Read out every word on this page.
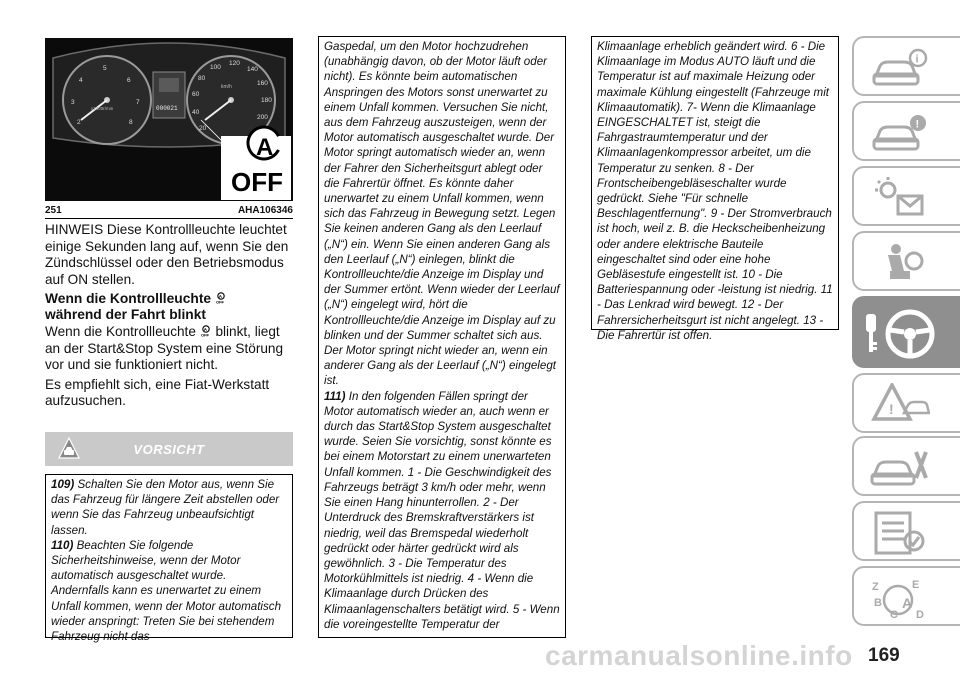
2
3
4
5
6
7
8
x1000r/min
20
40
60
80
100
120
140
160
180
200
km/h
000021
A
OFF
251	AHA106346

HINWEIS Diese Kontrollleuchte leuchtet einige Sekunden lang auf, wenn Sie den Zündschlüssel oder den Betriebsmodus auf ON stellen.

Wenn die Kontrollleuchte A
OFF

während der Fahrt blinkt

Wenn die Kontrollleuchte A
OFF blinkt, liegt an der Start&Stop System eine Störung vor und sie funktioniert nicht.

Es empfiehlt sich, eine Fiat-Werkstatt aufzusuchen.

VORSICHT

109) Schalten Sie den Motor aus, wenn Sie das Fahrzeug für längere Zeit abstellen oder wenn Sie das Fahrzeug unbeaufsichtigt lassen.

110) Beachten Sie folgende Sicherheitshinweise, wenn der Motor automatisch ausgeschaltet wurde. Andernfalls kann es unerwartet zu einem Unfall kommen, wenn der Motor automatisch wieder anspringt: Treten Sie bei stehendem Fahrzeug nicht das

Gaspedal, um den Motor hochzudrehen (unabhängig davon, ob der Motor läuft oder nicht). Es könnte beim automatischen Anspringen des Motors sonst unerwartet zu einem Unfall kommen. Versuchen Sie nicht, aus dem Fahrzeug auszusteigen, wenn der Motor automatisch ausgeschaltet wurde. Der Motor springt automatisch wieder an, wenn der Fahrer den Sicherheitsgurt ablegt oder die Fahrertür öffnet. Es könnte daher unerwartet zu einem Unfall kommen, wenn sich das Fahrzeug in Bewegung setzt. Legen Sie keinen anderen Gang als den Leerlauf („N“) ein. Wenn Sie einen anderen Gang als den Leerlauf („N“) einlegen, blinkt die Kontrollleuchte/die Anzeige im Display und der Summer ertönt. Wenn wieder der Leerlauf („N“) eingelegt wird, hört die Kontrollleuchte/die Anzeige im Display auf zu blinken und der Summer schaltet sich aus. Der Motor springt nicht wieder an, wenn ein anderer Gang als der Leerlauf („N“) eingelegt ist.

111) In den folgenden Fällen springt der Motor automatisch wieder an, auch wenn er durch das Start&Stop System ausgeschaltet wurde. Seien Sie vorsichtig, sonst könnte es bei einem Motorstart zu einem unerwarteten Unfall kommen. 1 - Die Geschwindigkeit des Fahrzeugs beträgt 3 km/h oder mehr, wenn Sie einen Hang hinunterrollen. 2 - Der Unterdruck des Bremskraftverstärkers ist niedrig, weil das Bremspedal wiederholt gedrückt oder härter gedrückt wird als gewöhnlich. 3 - Die Temperatur des Motorkühlmittels ist niedrig. 4 - Wenn die Klimaanlage durch Drücken des Klimaanlagenschalters betätigt wird. 5 - Wenn die voreingestellte Temperatur der

Klimaanlage erheblich geändert wird. 6 - Die Klimaanlage im Modus AUTO läuft und die Temperatur ist auf maximale Heizung oder maximale Kühlung eingestellt (Fahrzeuge mit Klimaautomatik). 7- Wenn die Klimaanlage EINGESCHALTET ist, steigt die Fahrgastraumtemperatur und der Klimaanlagenkompressor arbeitet, um die Temperatur zu senken. 8 - Der Frontscheibengebläseschalter wurde gedrückt. Siehe "Für schnelle Beschlagentfernung". 9 - Der Stromverbrauch ist hoch, weil z. B. die Heckscheibenheizung oder andere elektrische Bauteile eingeschaltet sind oder eine hohe Gebläsestufe eingestellt ist. 10 - Die Batteriespannung oder -leistung ist niedrig. 11 - Das Lenkrad wird bewegt. 12 - Der Fahrersicherheitsgurt ist nicht angelegt. 13 - Die Fahrertür ist offen.

i
!
!
Z	E
B A
C D
carmanualsonline.info 169
